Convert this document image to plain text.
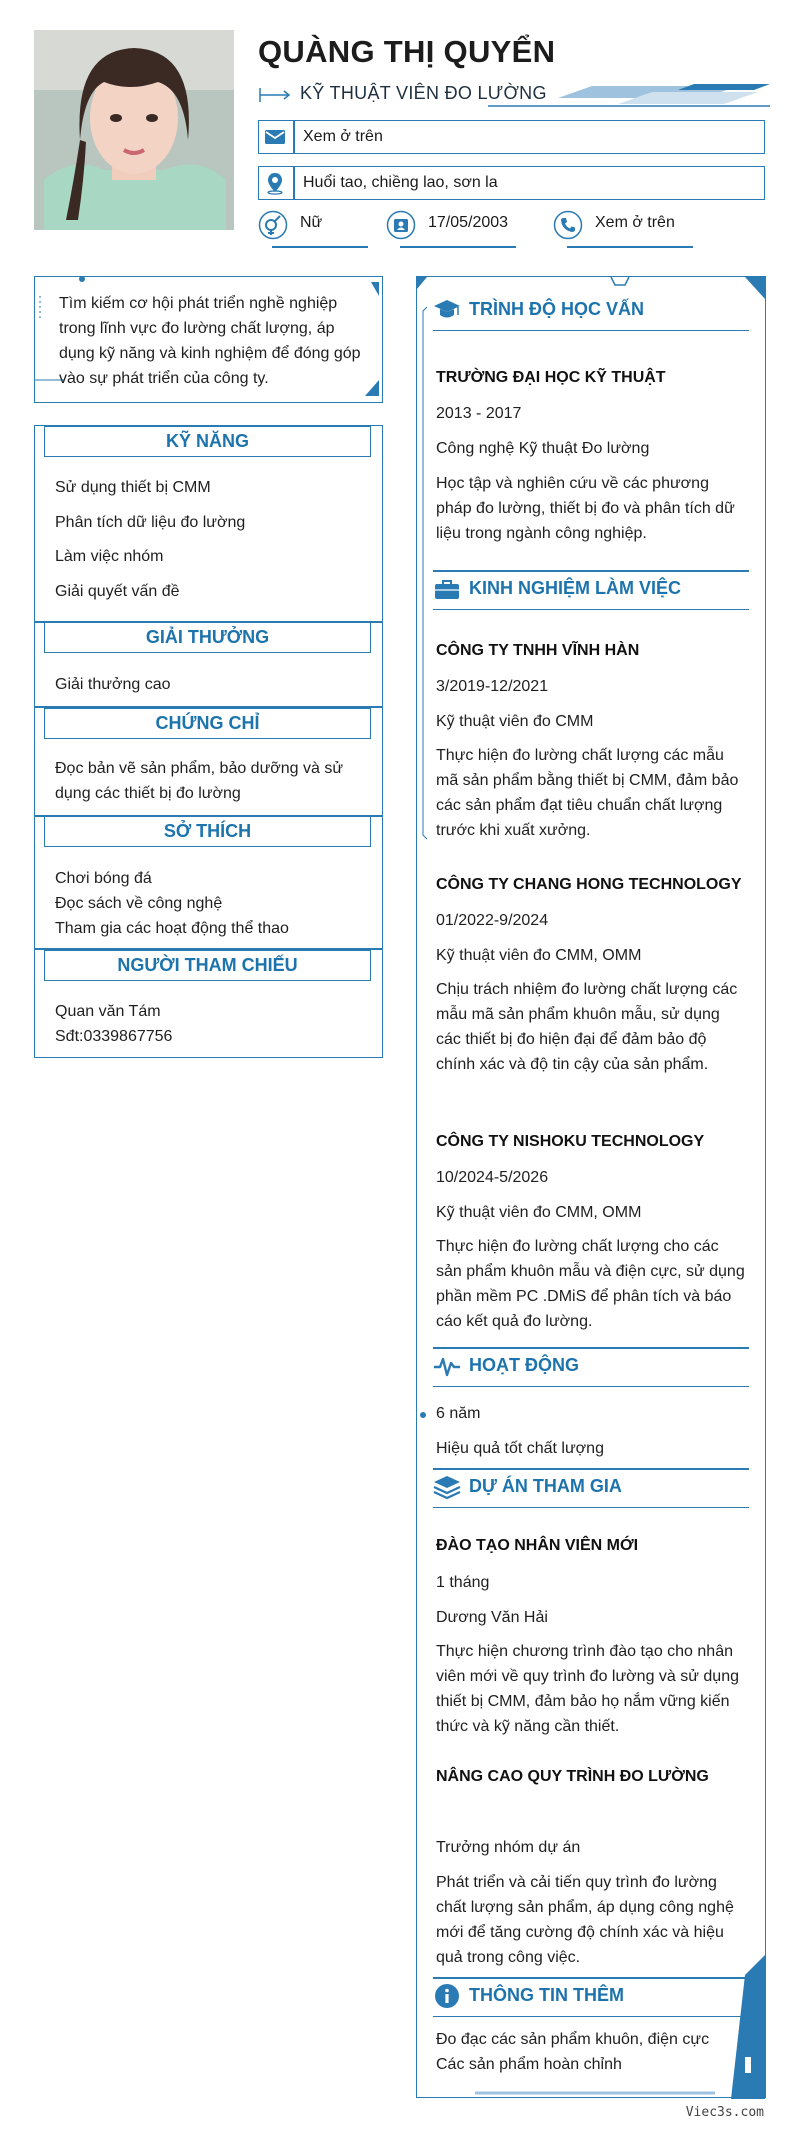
QUÀNG THỊ QUYỂN
KỸ THUẬT VIÊN ĐO LƯỜNG
Xem ở trên
Huổi tao, chiềng lao, sơn la
Nữ	17/05/2003	Xem ở trên
Tìm kiếm cơ hội phát triển nghề nghiệp trong lĩnh vực đo lường chất lượng, áp dụng kỹ năng và kinh nghiệm để đóng góp vào sự phát triển của công ty.
KỸ NĂNG
Sử dụng thiết bị CMM
Phân tích dữ liệu đo lường
Làm việc nhóm
Giải quyết vấn đề
GIẢI THƯỞNG
Giải thưởng cao
CHỨNG CHỈ
Đọc bản vẽ sản phẩm, bảo dưỡng và sử dụng các thiết bị đo lường
SỞ THÍCH
Chơi bóng đá
Đọc sách về công nghệ
Tham gia các hoạt động thể thao
NGƯỜI THAM CHIẾU
Quan văn Tám
Sđt:0339867756
TRÌNH ĐỘ HỌC VẤN
TRƯỜNG ĐẠI HỌC KỸ THUẬT
2013 - 2017
Công nghệ Kỹ thuật Đo lường
Học tập và nghiên cứu về các phương pháp đo lường, thiết bị đo và phân tích dữ liệu trong ngành công nghiệp.
KINH NGHIỆM LÀM VIỆC
CÔNG TY TNHH VĨNH HÀN
3/2019-12/2021
Kỹ thuật viên đo CMM
Thực hiện đo lường chất lượng các mẫu mã sản phẩm bằng thiết bị CMM, đảm bảo các sản phẩm đạt tiêu chuẩn chất lượng trước khi xuất xưởng.
CÔNG TY CHANG HONG TECHNOLOGY
01/2022-9/2024
Kỹ thuật viên đo CMM, OMM
Chịu trách nhiệm đo lường chất lượng các mẫu mã sản phẩm khuôn mẫu, sử dụng các thiết bị đo hiện đại để đảm bảo độ chính xác và độ tin cậy của sản phẩm.
CÔNG TY NISHOKU TECHNOLOGY
10/2024-5/2026
Kỹ thuật viên đo CMM, OMM
Thực hiện đo lường chất lượng cho các sản phẩm khuôn mẫu và điện cực, sử dụng phần mềm PC .DMiS để phân tích và báo cáo kết quả đo lường.
HOẠT ĐỘNG
6 năm
Hiệu quả tốt chất lượng
DỰ ÁN THAM GIA
ĐÀO TẠO NHÂN VIÊN MỚI
1 tháng
Dương Văn Hải
Thực hiện chương trình đào tạo cho nhân viên mới về quy trình đo lường và sử dụng thiết bị CMM, đảm bảo họ nắm vững kiến thức và kỹ năng cần thiết.
NÂNG CAO QUY TRÌNH ĐO LƯỜNG
Trưởng nhóm dự án
Phát triển và cải tiến quy trình đo lường chất lượng sản phẩm, áp dụng công nghệ mới để tăng cường độ chính xác và hiệu quả trong công việc.
THÔNG TIN THÊM
Đo đạc các sản phẩm khuôn, điện cực
Các sản phẩm hoàn chỉnh
Viec3s.com
